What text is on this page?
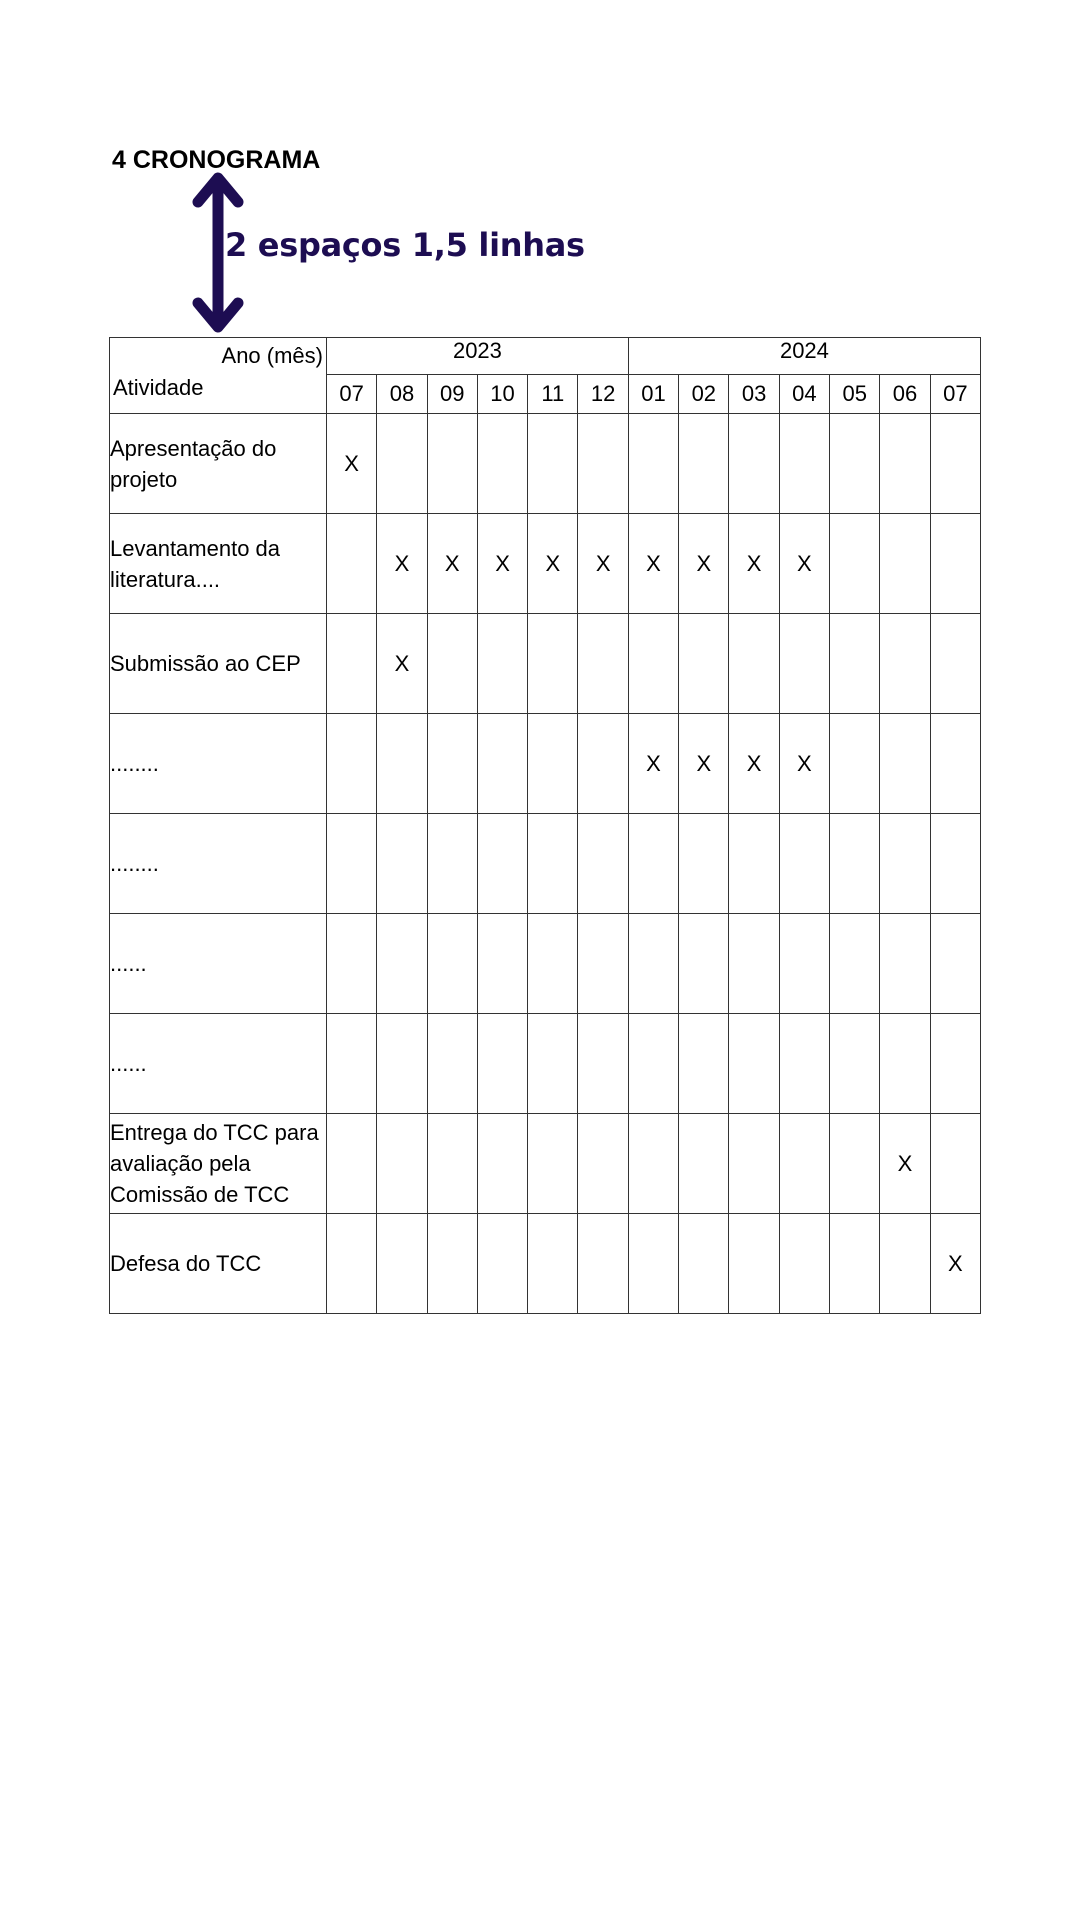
4 CRONOGRAMA
2 espaços 1,5 linhas
Ano (mês)
Atividade	2023						2024						
	07	08	09	10	11	12	01	02	03	04	05	06	07
Apresentação do projeto	X												
Levantamento da literatura....		X	X	X	X	X	X	X	X	X			
Submissão ao CEP		X											
........							X	X	X	X			
........													
......													
......													
Entrega do TCC para avaliação pela Comissão de TCC												X	
Defesa do TCC													X
